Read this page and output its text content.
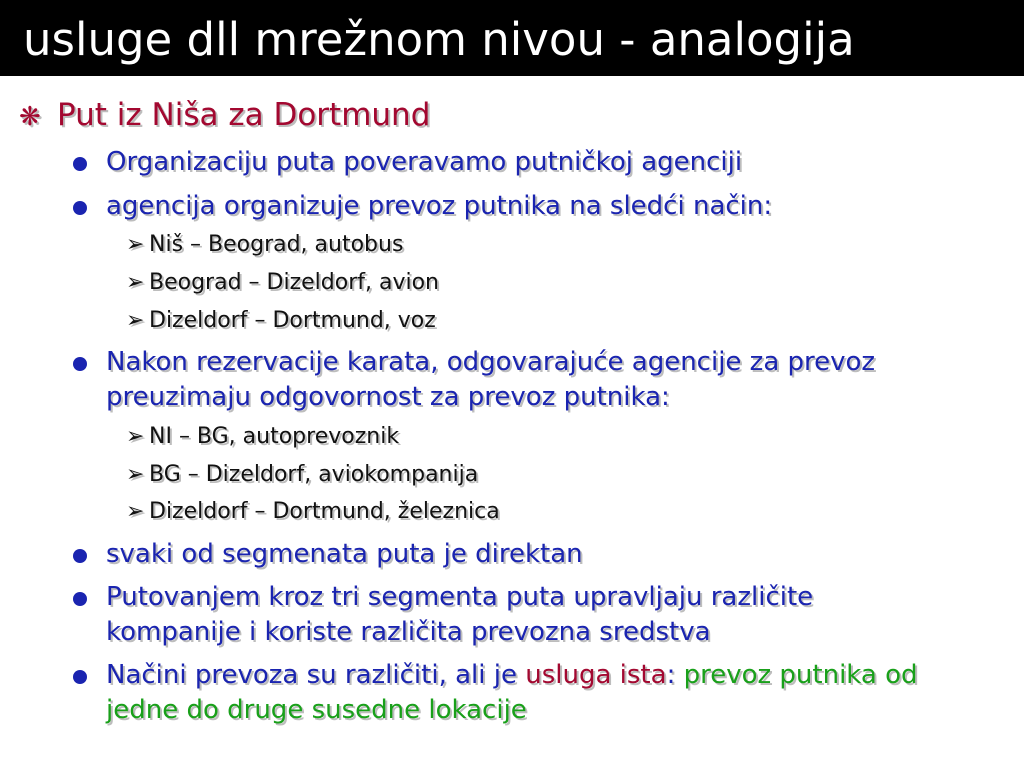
usluge dll mrežnom nivou - analogija
❋ Put iz Niša za Dortmund
Organizaciju puta poveravamo putničkoj agenciji
agencija organizuje prevoz putnika na sledći način:
➢ Niš – Beograd, autobus
➢ Beograd – Dizeldorf, avion
➢ Dizeldorf – Dortmund, voz
Nakon rezervacije karata, odgovarajuće agencije za prevoz
preuzimaju odgovornost za prevoz putnika:
➢ NI – BG, autoprevoznik
➢ BG – Dizeldorf, aviokompanija
➢ Dizeldorf – Dortmund, železnica
svaki od segmenata puta je direktan
Putovanjem kroz tri segmenta puta upravljaju različite
kompanije i koriste različita prevozna sredstva
Načini prevoza su različiti, ali je usluga ista: prevoz putnika od
jedne do druge susedne lokacije
